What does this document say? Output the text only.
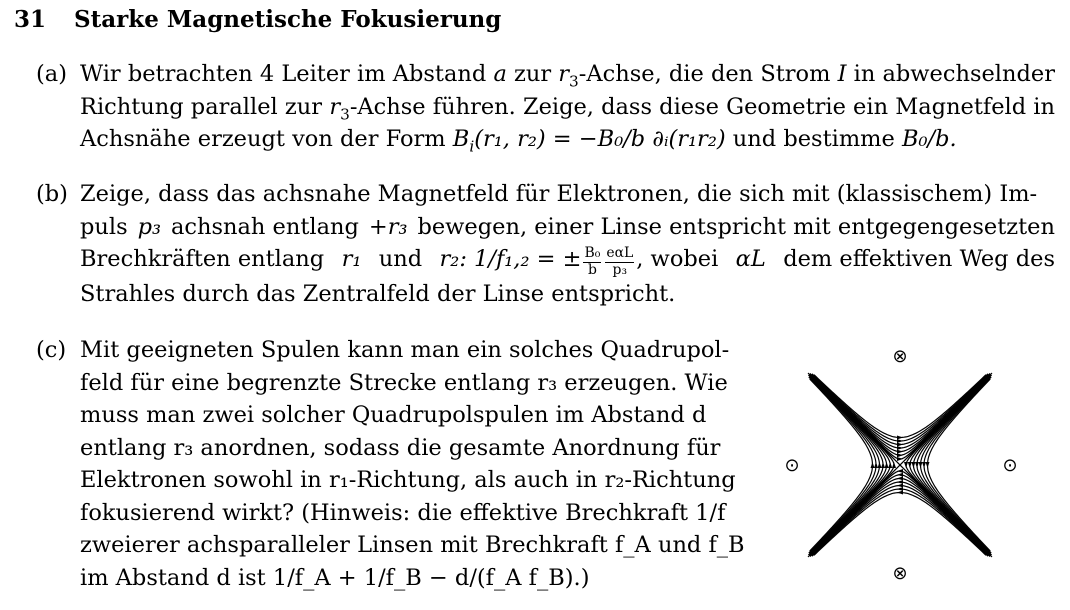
31 Starke Magnetische Fokusierung
(a) Wir betrachten 4 Leiter im Abstand a zur $r_3$-Achse, die den Strom I in abwechselnder
Richtung parallel zur $r_3$-Achse führen. Zeige, dass diese Geometrie ein Magnetfeld in
Achsnähe erzeugt von der Form $B_i(r_1$, r₂) = −B₀/b ∂ᵢ(r₁r₂) und bestimme B₀/b.
(b) Zeige, dass das achsnahe Magnetfeld für Elektronen, die sich mit (klassischem) Im-
puls p₃ achsnah entlang +r₃ bewegen, einer Linse entspricht mit entgegengesetzten
Brechkräften entlang r₁ und r₂: 1/f₁,₂ = ± $\frac{\text{B₀}}{b} \frac{\text{eαL}}{\text{p₃}}$ , wobei αL dem effektiven Weg des
Strahles durch das Zentralfeld der Linse entspricht.
(c) Mit geeigneten Spulen kann man ein solches Quadrupol-
feld für eine begrenzte Strecke entlang r₃ erzeugen. Wie
muss man zwei solcher Quadrupolspulen im Abstand d
entlang r₃ anordnen, sodass die gesamte Anordnung für
Elektronen sowohl in r₁-Richtung, als auch in r₂-Richtung
fokusierend wirkt? (Hinweis: die effektive Brechkraft 1/f
zweierer achsparalleler Linsen mit Brechkraft f_A und f_B
im Abstand d ist 1/f_A + 1/f_B − d/(f_A f_B).)
⊗
⊗
⊙	⊙
